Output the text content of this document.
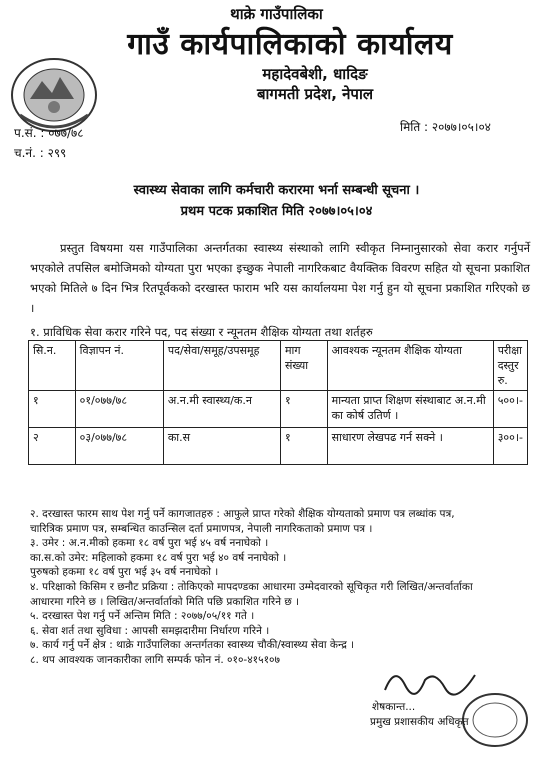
थाक्रे गाउँपालिका
गाउँ कार्यपालिकाको कार्यालय
महादेवबेशी, धादिङ
बागमती प्रदेश, नेपाल
प.सं. : ०७७/७८
च.नं. : २९९
मिति : २०७७।०५।०४
स्वास्थ्य सेवाका लागि कर्मचारी करारमा भर्ना सम्बन्धी सूचना ।
प्रथम पटक प्रकाशित मिति २०७७।०५।०४
प्रस्तुत विषयमा यस गाउँपालिका अन्तर्गतका स्वास्थ्य संस्थाको लागि स्वीकृत निम्नानुसारको सेवा करार गर्नुपर्ने भएकोले तपसिल बमोजिमको योग्यता पुरा भएका इच्छुक नेपाली नागरिकबाट वैयक्तिक विवरण सहित यो सूचना प्रकाशित भएको मितिले ७ दिन भित्र रितपूर्वकको दरखास्त फाराम भरि यस कार्यालयमा पेश गर्नु हुन यो सूचना प्रकाशित गरिएको छ ।
१. प्राविधिक सेवा करार गरिने पद, पद संख्या र न्यूनतम शैक्षिक योग्यता तथा शर्तहरु
सि.न.	विज्ञापन नं.	पद/सेवा/समूह/उपसमूह	माग संख्या	आवश्यक न्यूनतम शैक्षिक योग्यता	परीक्षा दस्तुर रु.
१	०१/०७७/७८	अ.न.मी स्वास्थ्य/क.न	१	मान्यता प्राप्त शिक्षण संस्थाबाट अ.न.मी का कोर्ष उतिर्ण ।	५००।-
२	०३/०७७/७८	का.स	१	साधारण लेखपढ गर्न सक्ने ।	३००।-
२. दरखास्त फारम साथ पेश गर्नु पर्ने कागजातहरु : आफुले प्राप्त गरेको शैक्षिक योग्यताको प्रमाण पत्र लब्धांक पत्र,
चारित्रिक प्रमाण पत्र, सम्बन्धित काउन्सिल दर्ता प्रमाणपत्र, नेपाली नागरिकताको प्रमाण पत्र ।
३. उमेर : अ.न.मीको हकमा १८ वर्ष पुरा भई ४५ वर्ष ननाघेको ।
का.स.को उमेर: महिलाको हकमा १८ वर्ष पुरा भई ४० वर्ष ननाघेको ।
पुरुषको हकमा १८ वर्ष पुरा भई ३५ वर्ष ननाघेको ।
४. परिक्षाको किसिम र छनौट प्रक्रिया : तोकिएको मापदण्डका आधारमा उम्मेदवारको सूचिकृत गरी लिखित/अन्तर्वार्ताका
आधारमा गरिने छ । लिखित/अन्तर्वार्ताको मिति पछि प्रकाशित गरिने छ ।
५. दरखास्त पेश गर्नु पर्ने अन्तिम मिति : २०७७/०५/११ गते ।
६. सेवा शर्त तथा सुविधा : आपसी समझदारीमा निर्धारण गरिने ।
७. कार्य गर्नु पर्ने क्षेत्र : थाक्रे गाउँपालिका अन्तर्गतका स्वास्थ्य चौकी/स्वास्थ्य सेवा केन्द्र ।
८. थप आवश्यक जानकारीका लागि सम्पर्क फोन नं. ०१०-४१५१०७
शेषकान्त...
प्रमुख प्रशासकीय अधिकृत
